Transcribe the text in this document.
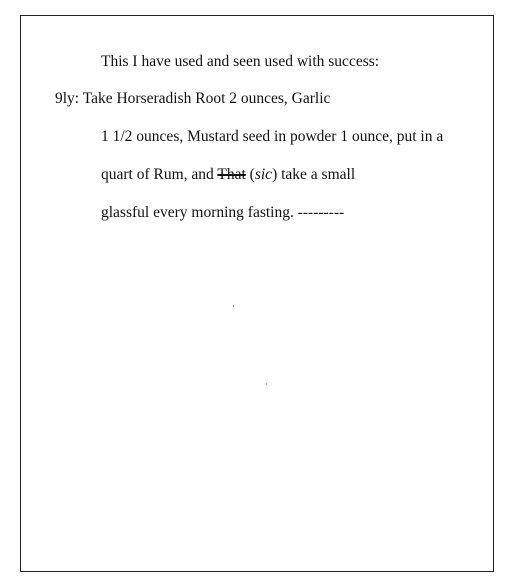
This I have used and seen used with success:
9ly: Take Horseradish Root 2 ounces, Garlic
1 1/2 ounces, Mustard seed in powder 1 ounce, put in a
quart of Rum, and That (sic) take a small
glassful every morning fasting. ---------
